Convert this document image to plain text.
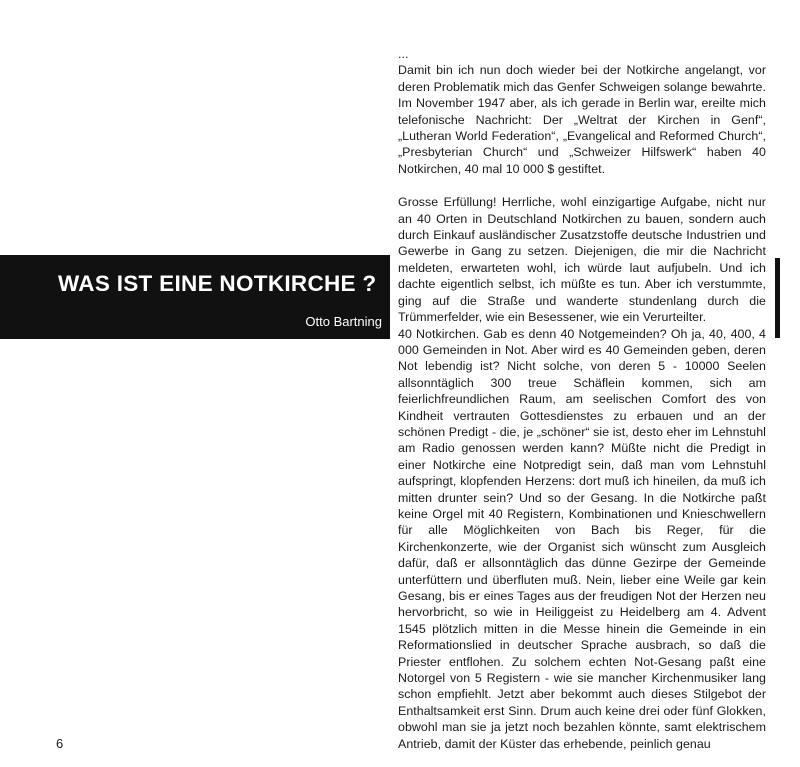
WAS IST EINE NOTKIRCHE ?
Otto Bartning

...

Damit bin ich nun doch wieder bei der Notkirche angelangt, vor deren Problematik mich das Genfer Schweigen solange bewahrte. Im November 1947 aber, als ich gerade in Berlin war, ereilte mich telefonische Nachricht: Der „Weltrat der Kirchen in Genf“, „Lutheran World Federation“, „Evangelical and Reformed Church“, „Presbyterian Church“ und „Schweizer Hilfswerk“ haben 40 Notkirchen, 40 mal 10 000 $ gestiftet.

Grosse Erfüllung! Herrliche, wohl einzigartige Aufgabe, nicht nur an 40 Orten in Deutschland Notkirchen zu bauen, sondern auch durch Einkauf ausländischer Zusatzstoffe deutsche Industrien und Gewerbe in Gang zu setzen. Diejenigen, die mir die Nachricht meldeten, erwarteten wohl, ich würde laut aufjubeln. Und ich dachte eigentlich selbst, ich müßte es tun. Aber ich verstummte, ging auf die Straße und wanderte stundenlang durch die Trümmerfelder, wie ein Besessener, wie ein Verurteilter.

40 Notkirchen. Gab es denn 40 Notgemeinden? Oh ja, 40, 400, 4 000 Gemeinden in Not. Aber wird es 40 Gemeinden geben, deren Not lebendig ist? Nicht solche, von deren 5 - 10000 Seelen allsonntäglich 300 treue Schäflein kommen, sich am feierlichfreundlichen Raum, am seelischen Comfort des von Kindheit vertrauten Gottesdienstes zu erbauen und an der schönen Predigt - die, je „schöner“ sie ist, desto eher im Lehnstuhl am Radio genossen werden kann? Müßte nicht die Predigt in einer Notkirche eine Notpredigt sein, daß man vom Lehnstuhl aufspringt, klopfenden Herzens: dort muß ich hineilen, da muß ich mitten drunter sein? Und so der Gesang. In die Notkirche paßt keine Orgel mit 40 Registern, Kombinationen und Knieschwellern für alle Möglichkeiten von Bach bis Reger, für die Kirchenkonzerte, wie der Organist sich wünscht zum Ausgleich dafür, daß er allsonntäglich das dünne Gezirpe der Gemeinde unterfüttern und überfluten muß. Nein, lieber eine Weile gar kein Gesang, bis er eines Tages aus der freudigen Not der Herzen neu hervorbricht, so wie in Heiliggeist zu Heidelberg am 4. Advent 1545 plötzlich mitten in die Messe hinein die Gemeinde in ein Reformationslied in deutscher Sprache ausbrach, so daß die Priester entflohen. Zu solchem echten Not-Gesang paßt eine Notorgel von 5 Registern - wie sie mancher Kirchenmusiker lang schon empfiehlt. Jetzt aber bekommt auch dieses Stilgebot der Enthaltsamkeit erst Sinn. Drum auch keine drei oder fünf Glokken, obwohl man sie ja jetzt noch bezahlen könnte, samt elektrischem Antrieb, damit der Küster das erhebende, peinlich genau

6
